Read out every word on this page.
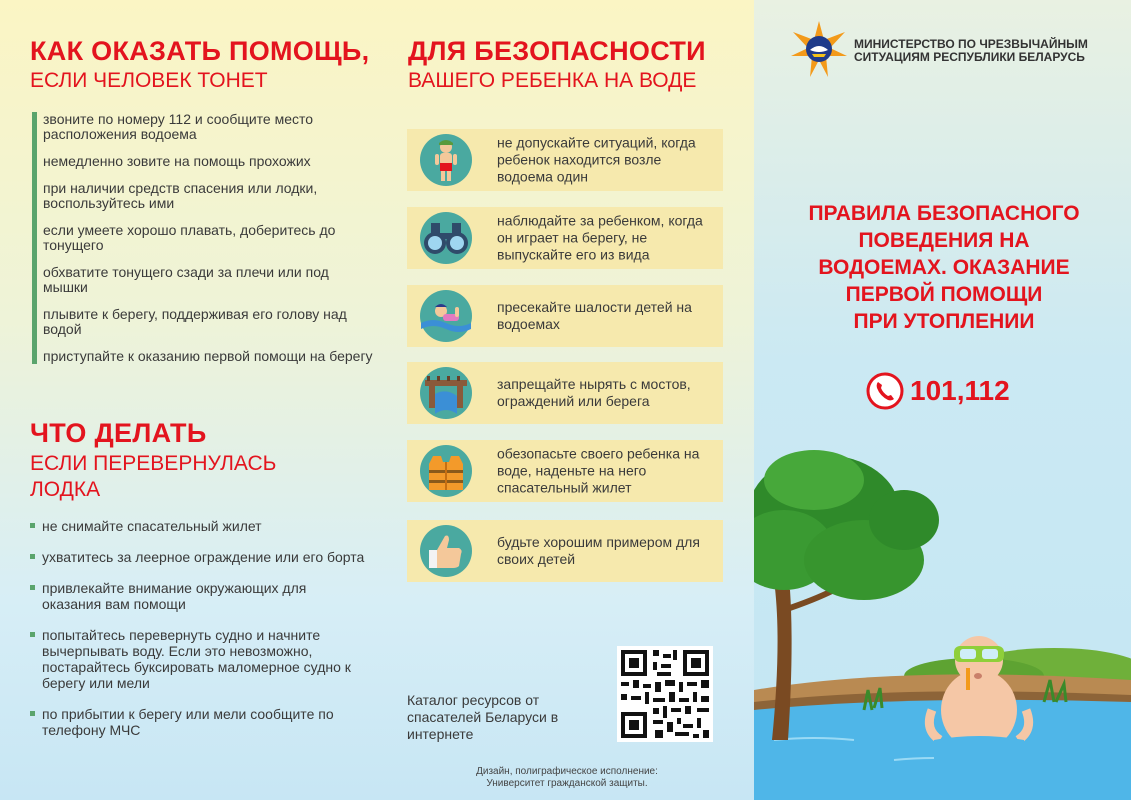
КАК ОКАЗАТЬ ПОМОЩЬ,
ЕСЛИ ЧЕЛОВЕК ТОНЕТ
звоните по номеру 112 и сообщите место расположения водоема
немедленно зовите на помощь прохожих
при наличии средств спасения или лодки, воспользуйтесь ими
если умеете хорошо плавать, доберитесь до тонущего
обхватите тонущего сзади за плечи или под мышки
плывите к берегу, поддерживая его голову над водой
приступайте к оказанию первой помощи на берегу
ЧТО ДЕЛАТЬ
ЕСЛИ ПЕРЕВЕРНУЛАСЬ
ЛОДКА
не снимайте спасательный жилет
ухватитесь за леерное ограждение или его борта
привлекайте внимание окружающих для оказания вам помощи
попытайтесь перевернуть судно и начните вычерпывать воду. Если это невозможно, постарайтесь буксировать маломерное судно к берегу или мели
по прибытии к берегу или мели сообщите по телефону МЧС
ДЛЯ БЕЗОПАСНОСТИ
ВАШЕГО РЕБЕНКА НА ВОДЕ
не допускайте ситуаций, когда ребенок находится возле водоема один
наблюдайте за ребенком, когда он играет на берегу, не выпускайте его из вида
пресекайте шалости детей на водоемах
запрещайте нырять с мостов, ограждений или берега
обезопасьте своего ребенка на воде, наденьте на него спасательный жилет
будьте хорошим примером для своих детей
Каталог ресурсов от спасателей Беларуси в интернете
Дизайн, полиграфическое исполнение:
Университет гражданской защиты.
МИНИСТЕРСТВО ПО ЧРЕЗВЫЧАЙНЫМ
СИТУАЦИЯМ РЕСПУБЛИКИ БЕЛАРУСЬ
ПРАВИЛА БЕЗОПАСНОГО
ПОВЕДЕНИЯ НА
ВОДОЕМАХ. ОКАЗАНИЕ
ПЕРВОЙ ПОМОЩИ
ПРИ УТОПЛЕНИИ
101,112
